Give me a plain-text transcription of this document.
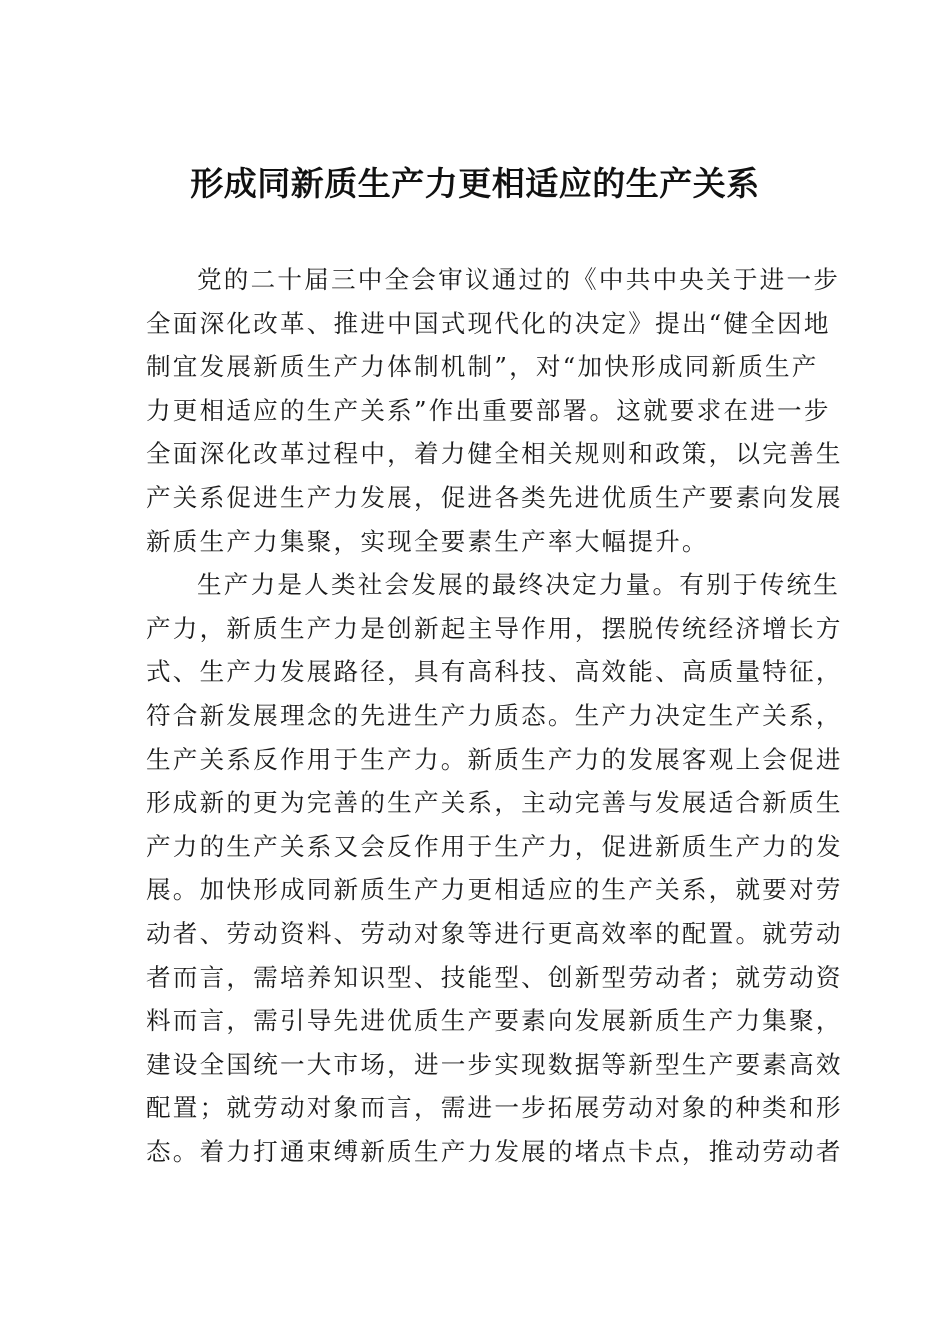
形成同新质生产力更相适应的生产关系
党的二十届三中全会审议通过的《中共中央关于进一步
全面深化改革、推进中国式现代化的决定》提出“健全因地
制宜发展新质生产力体制机制”，对“加快形成同新质生产
力更相适应的生产关系”作出重要部署。这就要求在进一步
全面深化改革过程中，着力健全相关规则和政策，以完善生
产关系促进生产力发展，促进各类先进优质生产要素向发展
新质生产力集聚，实现全要素生产率大幅提升。
生产力是人类社会发展的最终决定力量。有别于传统生
产力，新质生产力是创新起主导作用，摆脱传统经济增长方
式、生产力发展路径，具有高科技、高效能、高质量特征，
符合新发展理念的先进生产力质态。生产力决定生产关系，
生产关系反作用于生产力。新质生产力的发展客观上会促进
形成新的更为完善的生产关系，主动完善与发展适合新质生
产力的生产关系又会反作用于生产力，促进新质生产力的发
展。加快形成同新质生产力更相适应的生产关系，就要对劳
动者、劳动资料、劳动对象等进行更高效率的配置。就劳动
者而言，需培养知识型、技能型、创新型劳动者；就劳动资
料而言，需引导先进优质生产要素向发展新质生产力集聚，
建设全国统一大市场，进一步实现数据等新型生产要素高效
配置；就劳动对象而言，需进一步拓展劳动对象的种类和形
态。着力打通束缚新质生产力发展的堵点卡点，推动劳动者
